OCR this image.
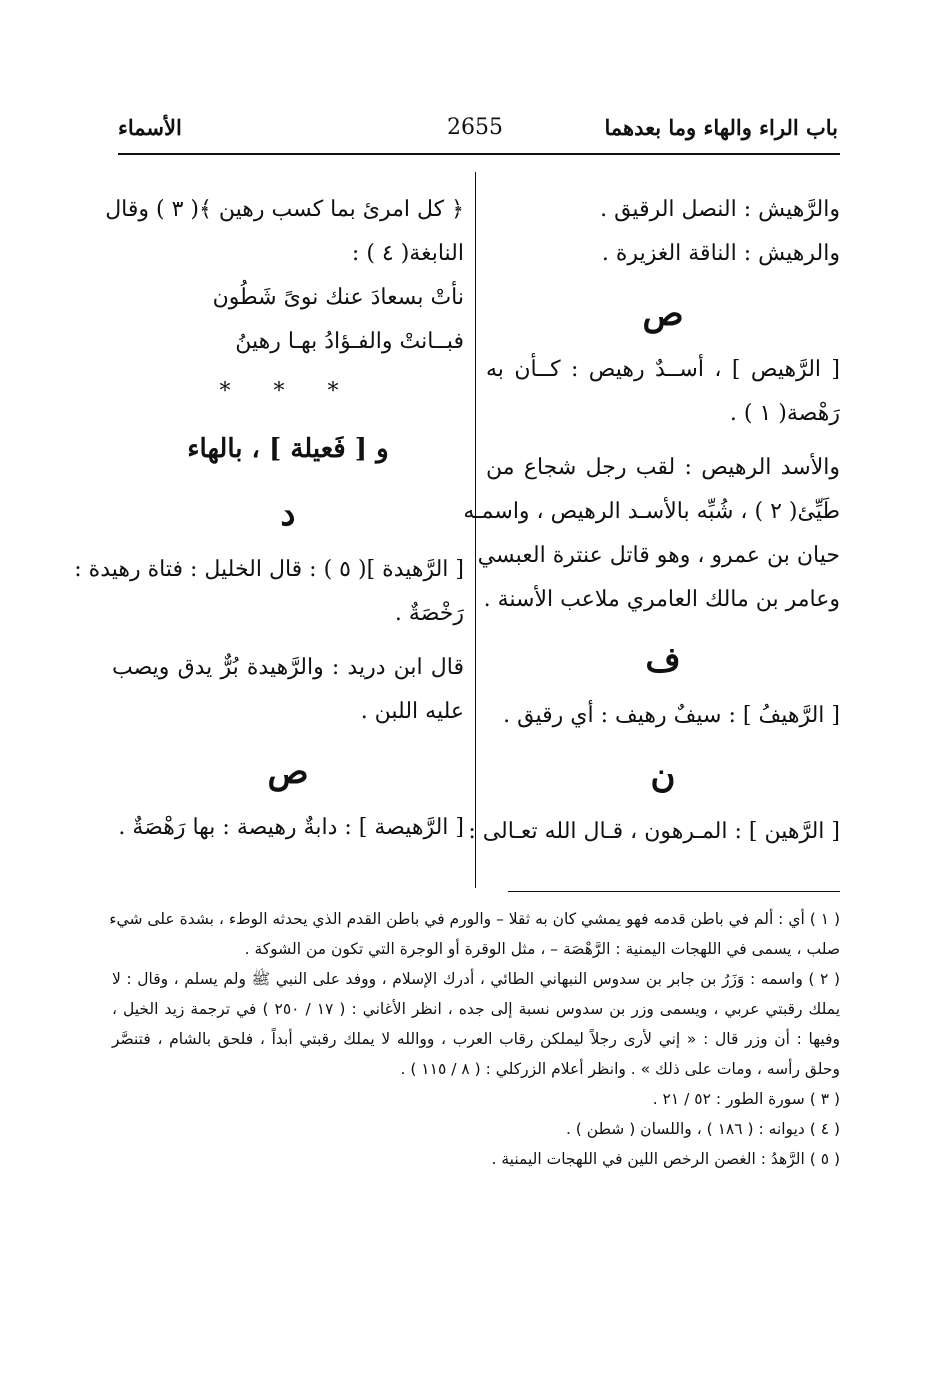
باب الراء والهاء وما بعدهما
2655
الأسماء
والرَّهيش : النصل الرقيق .
والرهيش : الناقة الغزيرة .
ص
[ الرَّهيص ] ، أســدٌ رهيص : كــأن به
رَهْصة( ١ ) .
والأسد الرهيص : لقب رجل شجاع من
طَيِّئ( ٢ ) ، شُبِّه بالأسـد الرهيص ، واسمـه
حيان بن عمرو ، وهو قاتل عنترة العبسي
وعامر بن مالك العامري ملاعب الأسنة .
ف
[ الرَّهيفُ ] : سيفٌ رهيف : أي رقيق .
ن
[ الرَّهين ] : المـرهون ، قـال الله تعـالى :
﴿ كل امرئ بما كسب رهين ﴾( ٣ ) وقال
النابغة( ٤ ) :
نأتْ بسعادَ عنك نوىً شَطُون
فبــانتْ والفـؤادُ بهـا رهينُ
* * *
و [ فَعيلة ] ، بالهاء
د
[ الرَّهيدة ]( ٥ ) : قال الخليل : فتاة رهيدة :
رَخْصَةٌ .
قال ابن دريد : والرَّهيدة بُرٌّ يدق ويصب
عليه اللبن .
ص
[ الرَّهيصة ] : دابةٌ رهيصة : بها رَهْصَةٌ .
( ١ ) أي : ألم في باطن قدمه فهو يمشي كان به ثقلا – والورم في باطن القدم الذي يحدثه الوطء ، بشدة على شيء
صلب ، يسمى في اللهجات اليمنية : الرَّهْصَة – ، مثل الوقرة أو الوجرة التي تكون من الشوكة .
( ٢ ) واسمه : وَزَرُ بن جابر بن سدوس النبهاني الطائي ، أدرك الإسلام ، ووفد على النبي ﷺ ولم يسلم ، وقال : لا
يملك رقبتي عربي ، ويسمى وزر بن سدوس نسبة إلى جده ، انظر الأغاني : ( ١٧ / ٢٥٠ ) في ترجمة زيد الخيل ،
وفيها : أن وزر قال : « إني لأرى رجلاً ليملكن رقاب العرب ، ووالله لا يملك رقبتي أبداً ، فلحق بالشام ، فتنصَّر
وحلق رأسه ، ومات على ذلك » . وانظر أعلام الزركلي : ( ٨ / ١١٥ ) .
( ٣ ) سورة الطور : ٥٢ / ٢١ .
( ٤ ) ديوانه : ( ١٨٦ ) ، واللسان ( شطن ) .
( ٥ ) الرَّهدُ : الغصن الرخص اللين في اللهجات اليمنية .
